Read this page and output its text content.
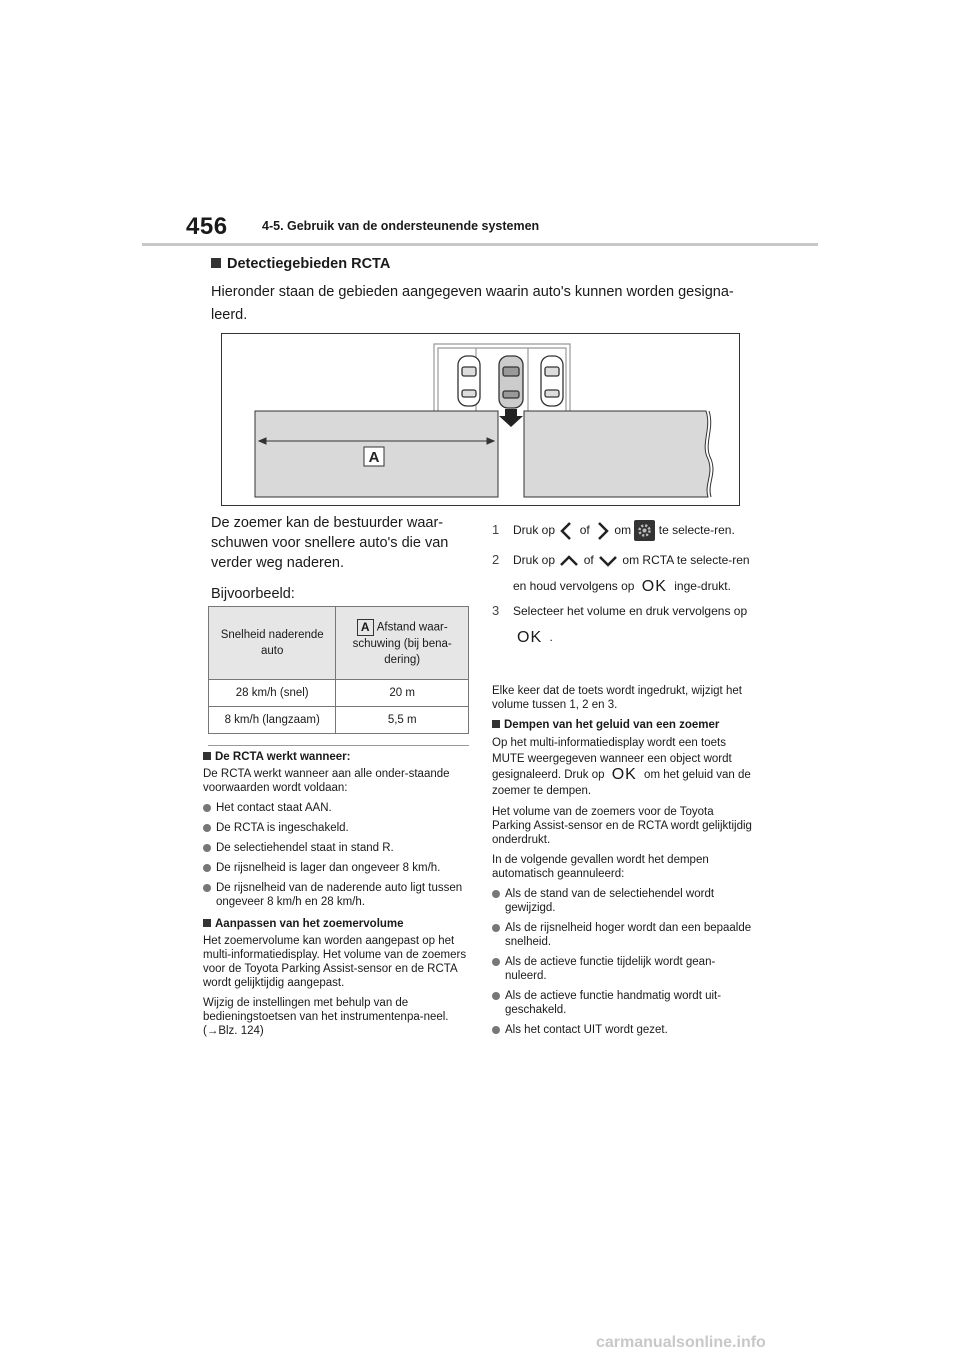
456	4-5. Gebruik van de ondersteunende systemen
Detectiegebieden RCTA
Hieronder staan de gebieden aangegeven waarin auto's kunnen worden gesigna-leerd.
A

De zoemer kan de bestuurder waar-schuwen voor snellere auto's die van verder weg naderen.

Bijvoorbeeld:

Snelheid naderende auto	A Afstand waar-schuwing (bij bena-dering)
28 km/h (snel)	20 m
8 km/h (langzaam)	5,5 m
De RCTA werkt wanneer:

De RCTA werkt wanneer aan alle onder-staande voorwaarden wordt voldaan:

Het contact staat AAN.
De RCTA is ingeschakeld.
De selectiehendel staat in stand R.
De rijsnelheid is lager dan ongeveer 8 km/h.
De rijsnelheid van de naderende auto ligt tussen ongeveer 8 km/h en 28 km/h.
Aanpassen van het zoemervolume

Het zoemervolume kan worden aangepast op het multi-informatiedisplay. Het volume van de zoemers voor de Toyota Parking Assist-sensor en de RCTA wordt gelijktijdig aangepast.

Wijzig de instellingen met behulp van de bedieningstoetsen van het instrumentenpa-neel. (→Blz. 124)

1 Druk op of om te selecte-ren.
2 Druk op of om RCTA te selecte-ren en houd vervolgens op OK inge-drukt.
3 Selecteer het volume en druk vervolgens op OK .

Elke keer dat de toets wordt ingedrukt, wijzigt het volume tussen 1, 2 en 3.

Dempen van het geluid van een zoemer

Op het multi-informatiedisplay wordt een toets MUTE weergegeven wanneer een object wordt gesignaleerd. Druk op OK om het geluid van de zoemer te dempen.

Het volume van de zoemers voor de Toyota Parking Assist-sensor en de RCTA wordt gelijktijdig onderdrukt.

In de volgende gevallen wordt het dempen automatisch geannuleerd:

Als de stand van de selectiehendel wordt gewijzigd.
Als de rijsnelheid hoger wordt dan een bepaalde snelheid.
Als de actieve functie tijdelijk wordt gean-nuleerd.
Als de actieve functie handmatig wordt uit-geschakeld.
Als het contact UIT wordt gezet.
carmanualsonline.info
